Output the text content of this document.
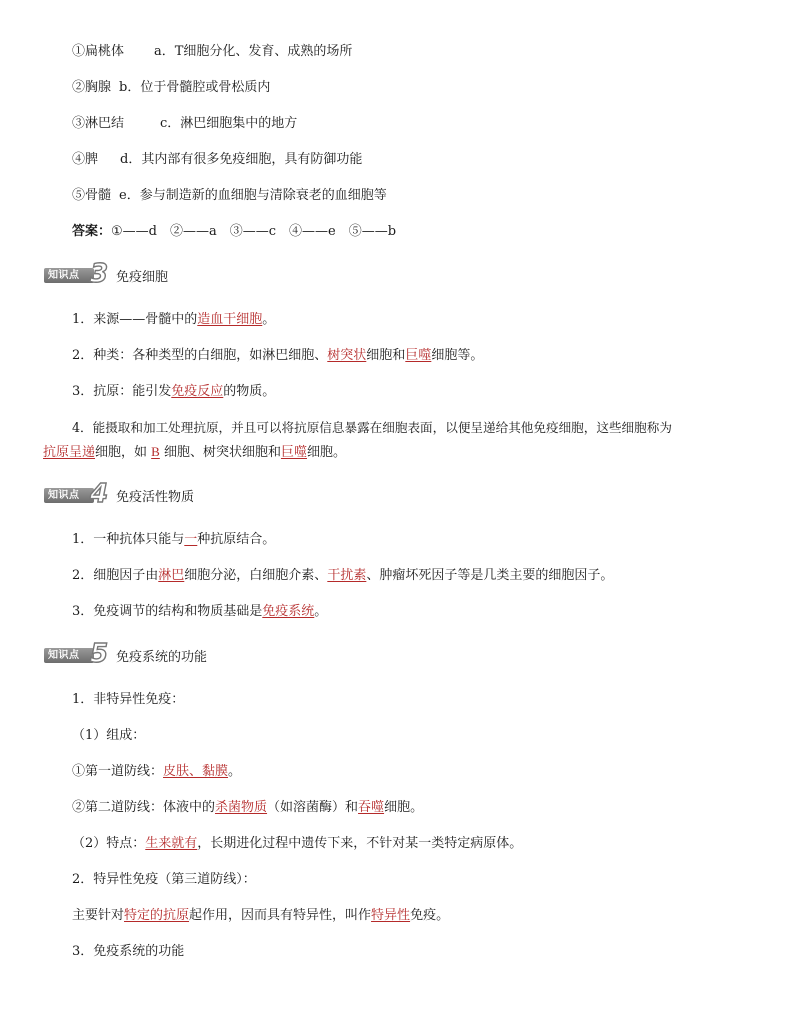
①扁桃体 a．T细胞分化、发育、成熟的场所
②胸腺 b．位于骨髓腔或骨松质内
③淋巴结	c．淋巴细胞集中的地方
④脾 d．其内部有很多免疫细胞，具有防御功能
⑤骨髓 e．参与制造新的血细胞与清除衰老的血细胞等
答案：①——d　②——a　③——c　④——e　⑤——b
知识点 3 免疫细胞
1．来源——骨髓中的造血干细胞。
2．种类：各种类型的白细胞，如淋巴细胞、树突状细胞和巨噬细胞等。
3．抗原：能引发免疫反应的物质。
4．能摄取和加工处理抗原，并且可以将抗原信息暴露在细胞表面，以便呈递给其他免疫细胞，这些细胞称为
抗原呈递细胞，如 B 细胞、树突状细胞和巨噬细胞。
知识点 4 免疫活性物质
1．一种抗体只能与一种抗原结合。
2．细胞因子由淋巴细胞分泌，白细胞介素、干扰素、肿瘤坏死因子等是几类主要的细胞因子。
3．免疫调节的结构和物质基础是免疫系统。
知识点 5 免疫系统的功能
1．非特异性免疫：
（1）组成：
①第一道防线：皮肤、黏膜。
②第二道防线：体液中的杀菌物质（如溶菌酶）和吞噬细胞。
（2）特点：生来就有，长期进化过程中遗传下来，不针对某一类特定病原体。
2．特异性免疫（第三道防线）：
主要针对特定的抗原起作用，因而具有特异性，叫作特异性免疫。
3．免疫系统的功能
